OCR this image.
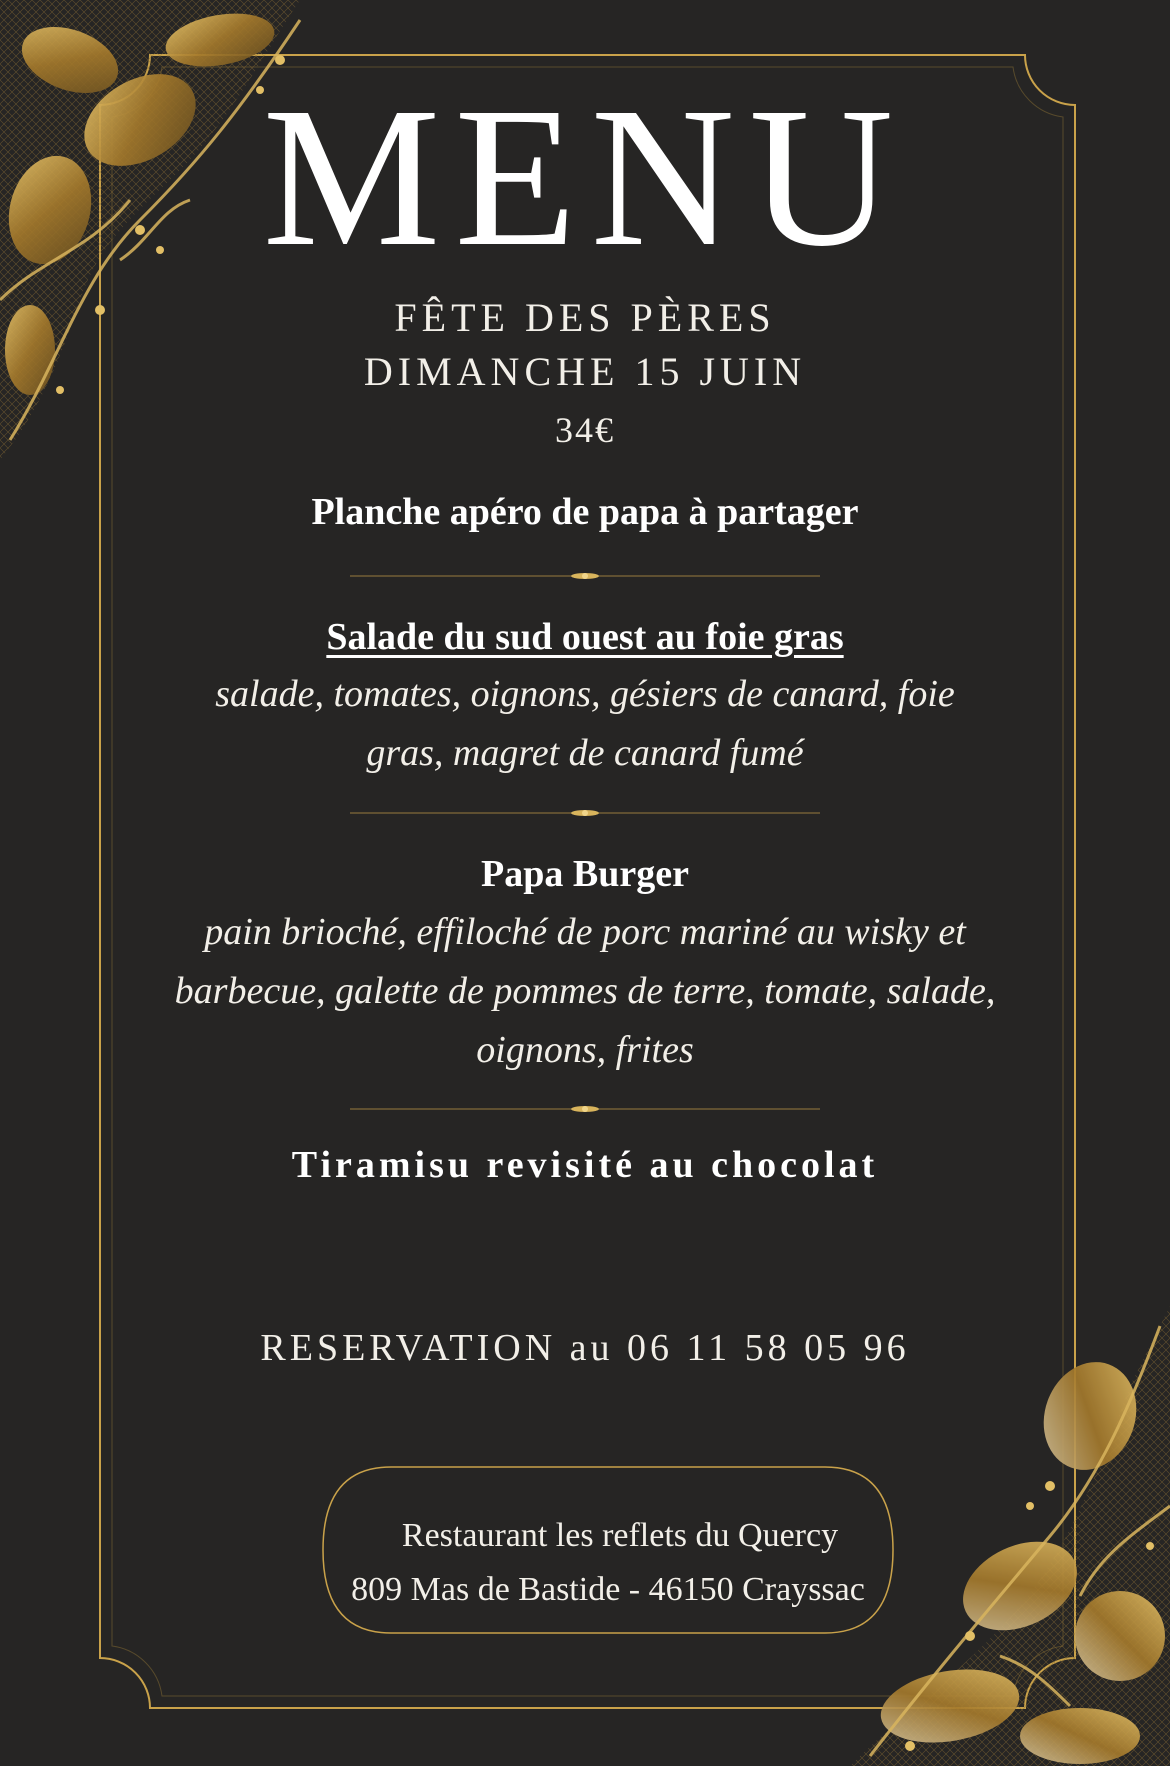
MENU
FÊTE DES PÈRES
DIMANCHE 15 JUIN
34€
Planche apéro de papa à partager
Salade du sud ouest au foie gras
salade, tomates, oignons, gésiers de canard, foie gras, magret de canard fumé
Papa Burger
pain brioché, effiloché de porc mariné au wisky et barbecue, galette de pommes de terre, tomate, salade, oignons, frites
Tiramisu revisité au chocolat
RESERVATION au 06 11 58 05 96
Restaurant les reflets du Quercy
809 Mas de Bastide - 46150 Crayssac
